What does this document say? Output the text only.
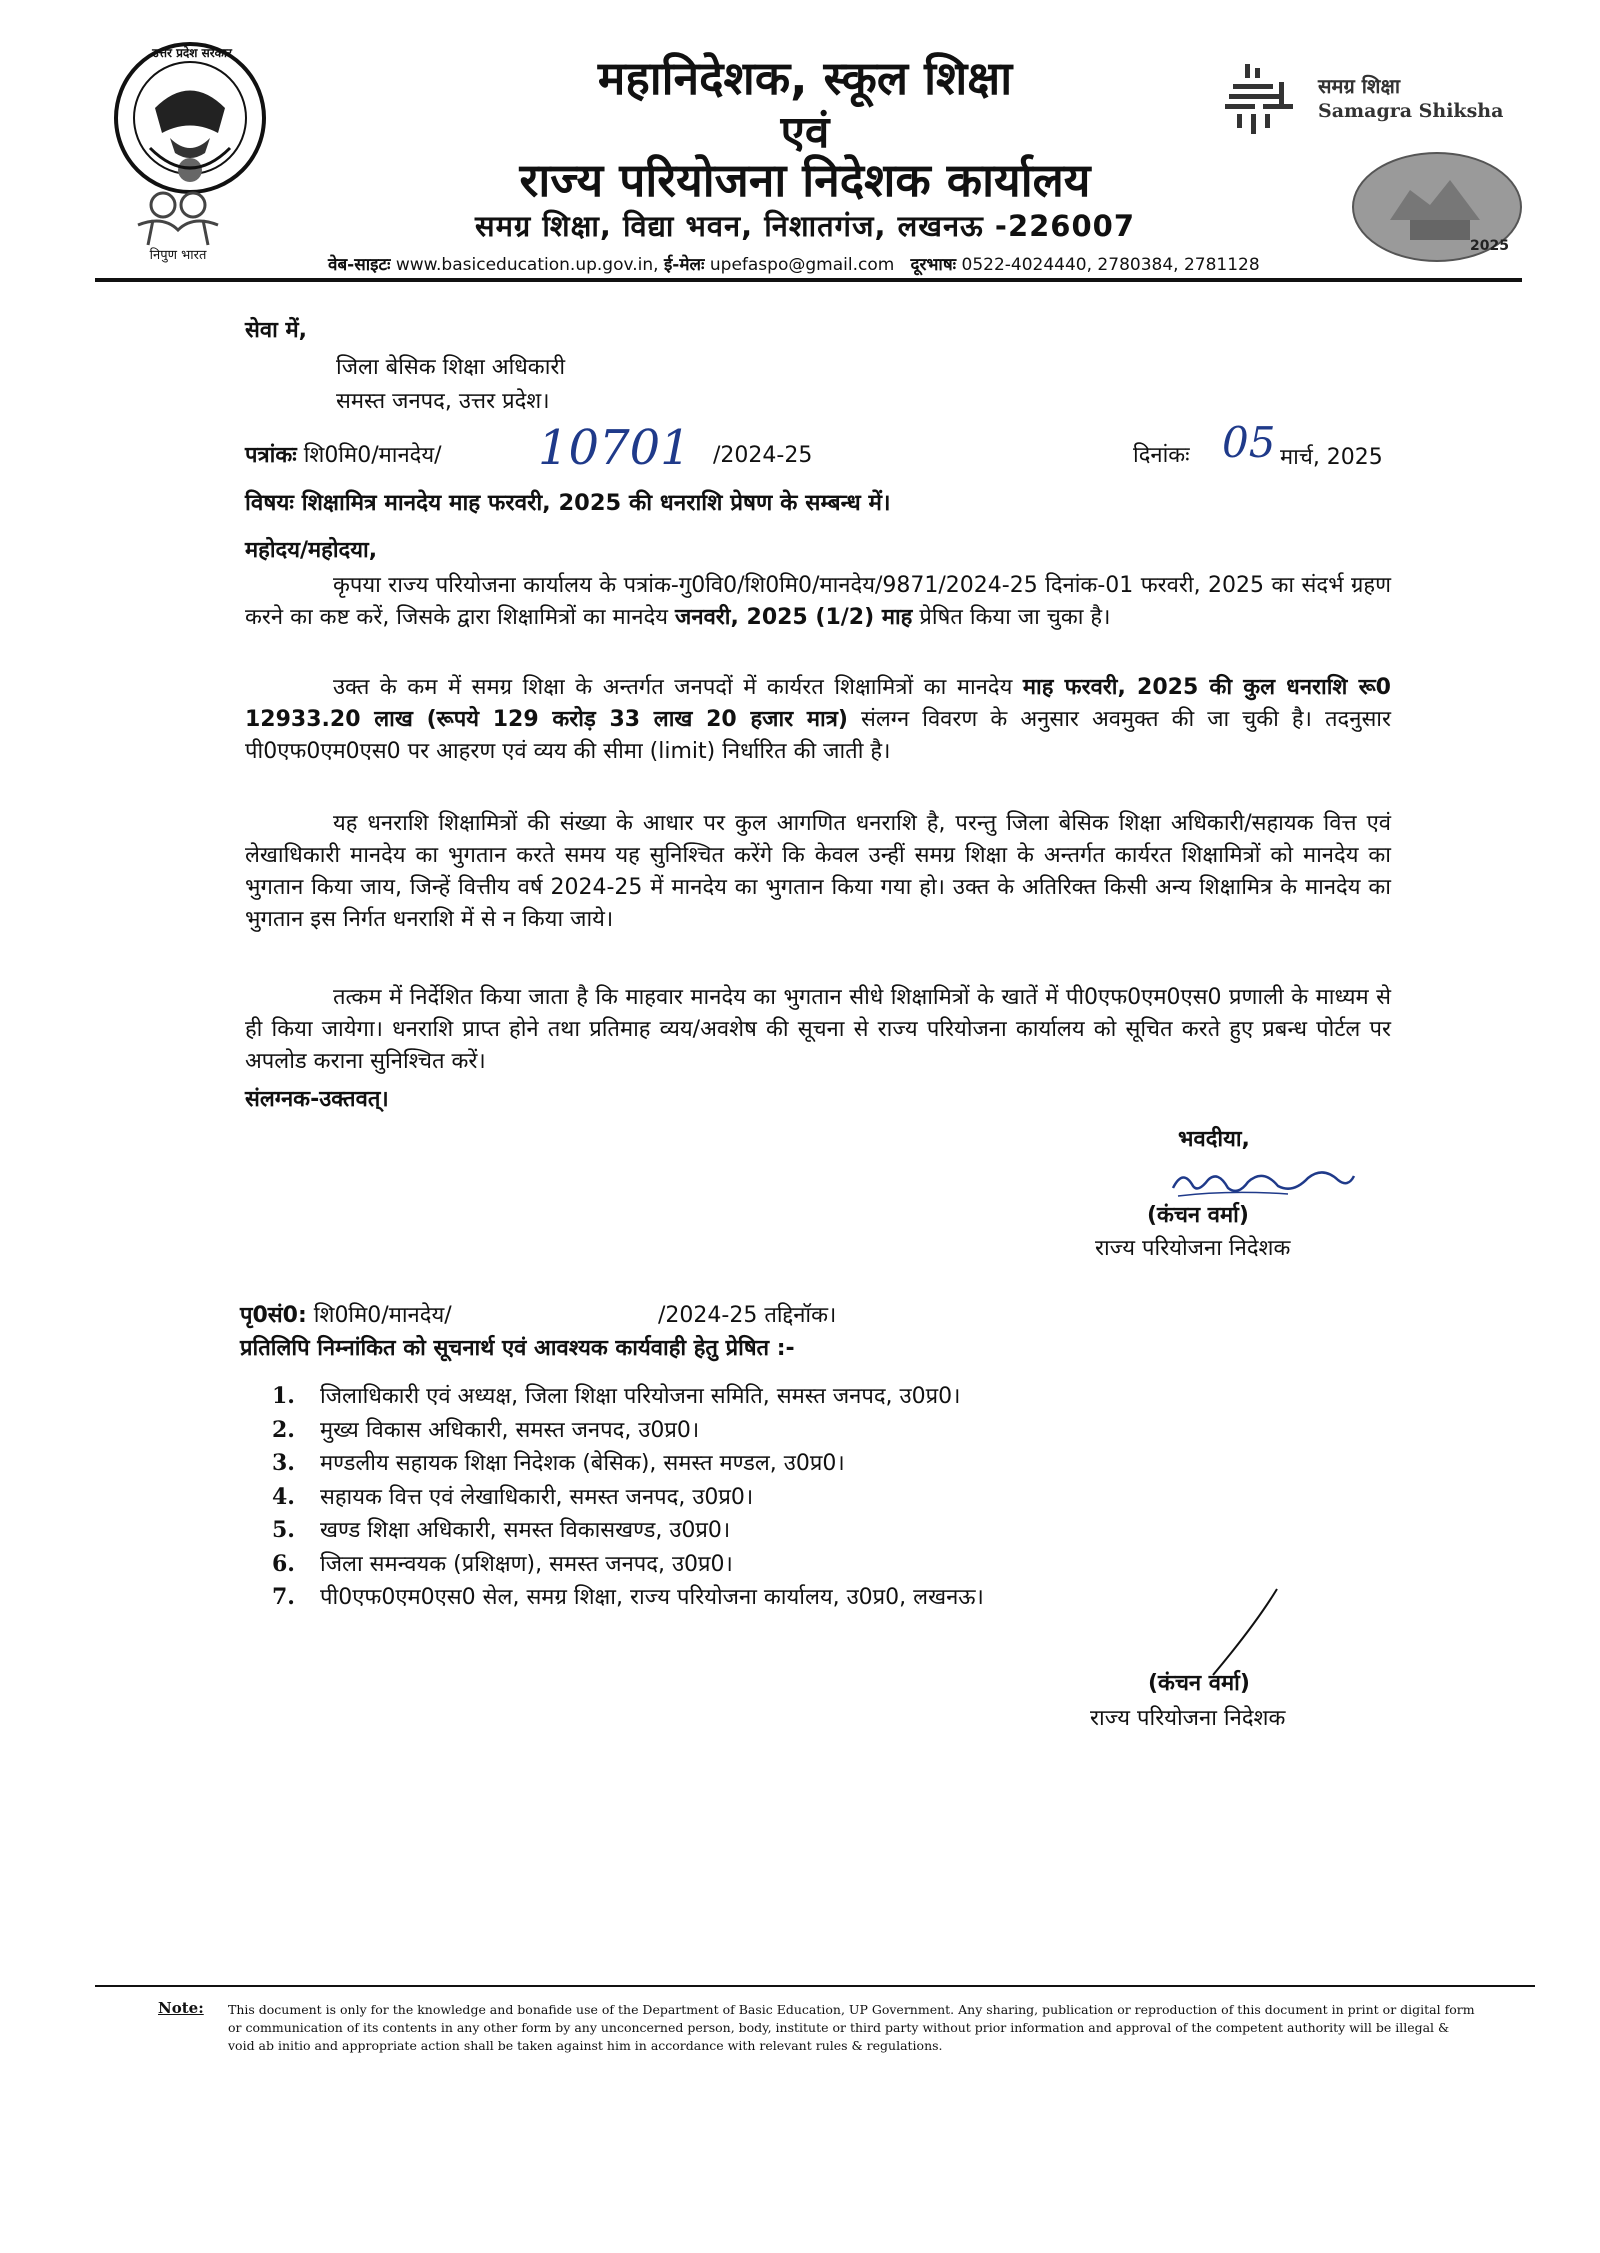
उत्तर प्रदेश सरकार
निपुण भारत
महानिदेशक, स्कूल शिक्षा
एवं
राज्य परियोजना निदेशक कार्यालय
समग्र शिक्षा, विद्या भवन, निशातगंज, लखनऊ -226007
वेब-साइटः www.basiceducation.up.gov.in, ई-मेलः upefaspo@gmail.com दूरभाषः 0522-4024440, 2780384, 2781128
समग्र शिक्षा
Samagra Shiksha
2025
सेवा में,
जिला बेसिक शिक्षा अधिकारी
समस्त जनपद, उत्तर प्रदेश।
पत्रांकः शि0मि0/मानदेय/ 10701 /2024-25	दिनांकः 05 मार्च, 2025
विषयः शिक्षामित्र मानदेय माह फरवरी, 2025 की धनराशि प्रेषण के सम्बन्ध में।
महोदय/महोदया,
कृपया राज्य परियोजना कार्यालय के पत्रांक-गु0वि0/शि0मि0/मानदेय/9871/2024-25 दिनांक-01 फरवरी, 2025 का संदर्भ ग्रहण करने का कष्ट करें, जिसके द्वारा शिक्षामित्रों का मानदेय जनवरी, 2025 (1/2) माह प्रेषित किया जा चुका है।
उक्त के कम में समग्र शिक्षा के अन्तर्गत जनपदों में कार्यरत शिक्षामित्रों का मानदेय माह फरवरी, 2025 की कुल धनराशि रू0 12933.20 लाख (रूपये 129 करोड़ 33 लाख 20 हजार मात्र) संलग्न विवरण के अनुसार अवमुक्त की जा चुकी है। तदनुसार पी0एफ0एम0एस0 पर आहरण एवं व्यय की सीमा (limit) निर्धारित की जाती है।
यह धनराशि शिक्षामित्रों की संख्या के आधार पर कुल आगणित धनराशि है, परन्तु जिला बेसिक शिक्षा अधिकारी/सहायक वित्त एवं लेखाधिकारी मानदेय का भुगतान करते समय यह सुनिश्चित करेंगे कि केवल उन्हीं समग्र शिक्षा के अन्तर्गत कार्यरत शिक्षामित्रों को मानदेय का भुगतान किया जाय, जिन्हें वित्तीय वर्ष 2024-25 में मानदेय का भुगतान किया गया हो। उक्त के अतिरिक्त किसी अन्य शिक्षामित्र के मानदेय का भुगतान इस निर्गत धनराशि में से न किया जाये।
तत्कम में निर्देशित किया जाता है कि माहवार मानदेय का भुगतान सीधे शिक्षामित्रों के खातें में पी0एफ0एम0एस0 प्रणाली के माध्यम से ही किया जायेगा। धनराशि प्राप्त होने तथा प्रतिमाह व्यय/अवशेष की सूचना से राज्य परियोजना कार्यालय को सूचित करते हुए प्रबन्ध पोर्टल पर अपलोड कराना सुनिश्चित करें।
संलग्नक-उक्तवत्।
भवदीया,
(कंचन वर्मा)
राज्य परियोजना निदेशक
पृ0सं0: शि0मि0/मानदेय/	/2024-25 तद्दिनॉक।
प्रतिलिपि निम्नांकित को सूचनार्थ एवं आवश्यक कार्यवाही हेतु प्रेषित :-
1. जिलाधिकारी एवं अध्यक्ष, जिला शिक्षा परियोजना समिति, समस्त जनपद, उ0प्र0।
2. मुख्य विकास अधिकारी, समस्त जनपद, उ0प्र0।
3. मण्डलीय सहायक शिक्षा निदेशक (बेसिक), समस्त मण्डल, उ0प्र0।
4. सहायक वित्त एवं लेखाधिकारी, समस्त जनपद, उ0प्र0।
5. खण्ड शिक्षा अधिकारी, समस्त विकासखण्ड, उ0प्र0।
6. जिला समन्वयक (प्रशिक्षण), समस्त जनपद, उ0प्र0।
7. पी0एफ0एम0एस0 सेल, समग्र शिक्षा, राज्य परियोजना कार्यालय, उ0प्र0, लखनऊ।
(कंचन वर्मा)
राज्य परियोजना निदेशक
Note: This document is only for the knowledge and bonafide use of the Department of Basic Education, UP Government. Any sharing, publication or reproduction of this document in print or digital form or communication of its contents in any other form by any unconcerned person, body, institute or third party without prior information and approval of the competent authority will be illegal & void ab initio and appropriate action shall be taken against him in accordance with relevant rules & regulations.
